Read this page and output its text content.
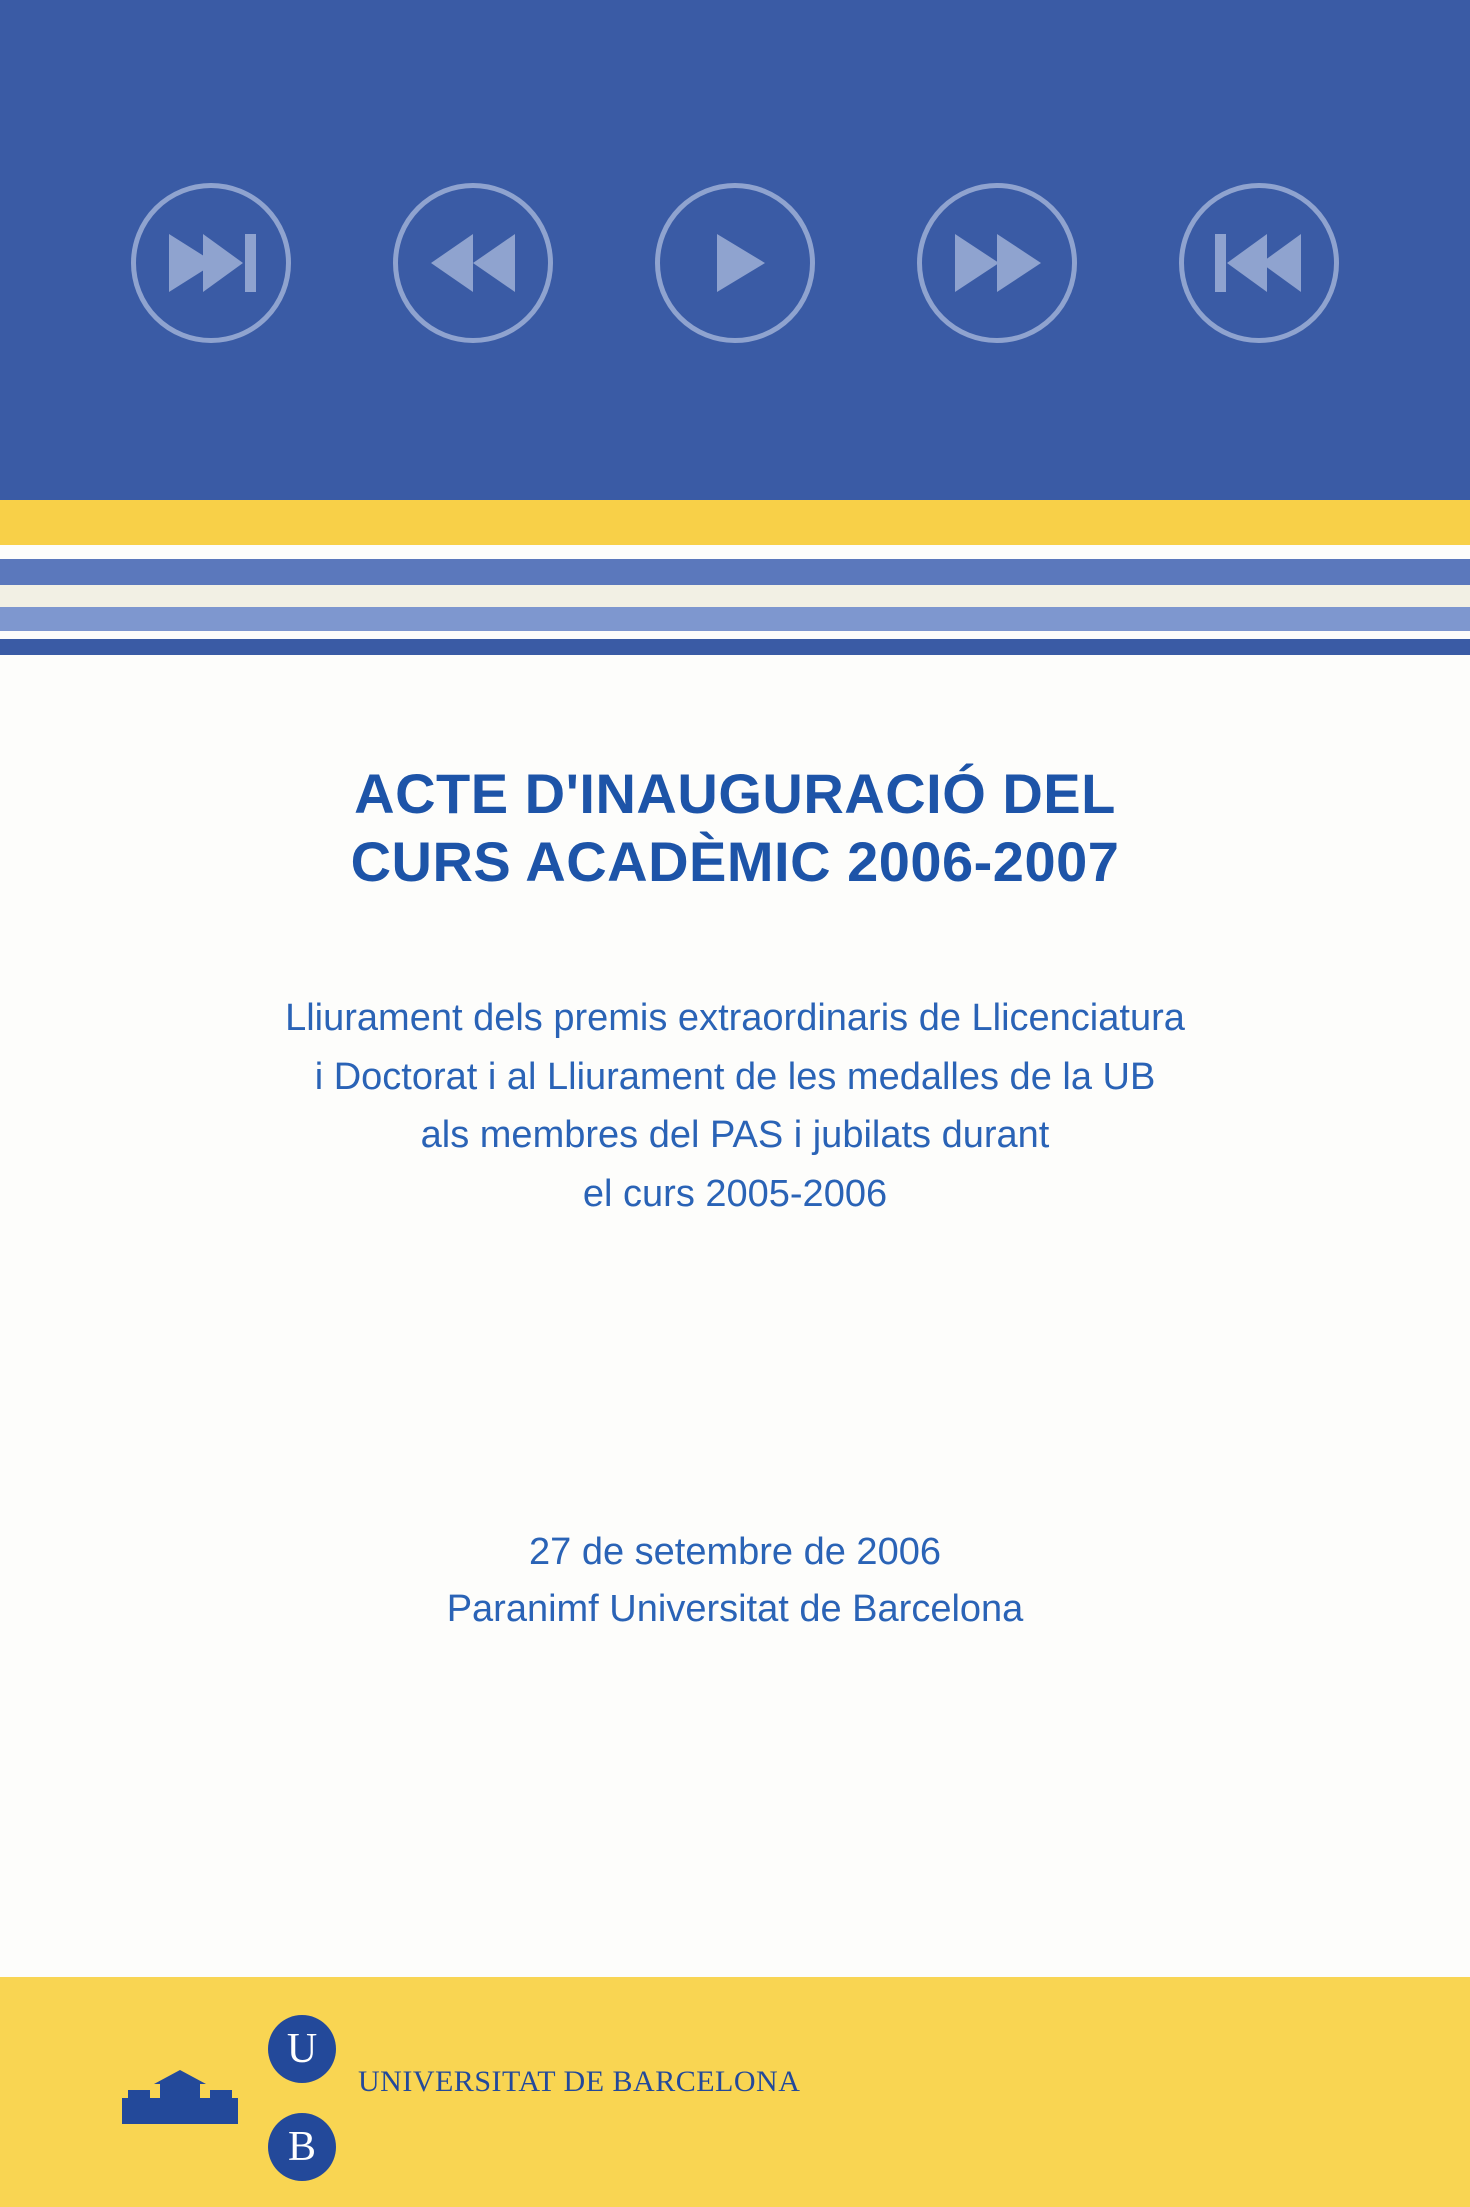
ACTE D'INAUGURACIÓ DEL
CURS ACADÈMIC 2006-2007
Lliurament dels premis extraordinaris de Llicenciatura
i Doctorat i al Lliurament de les medalles de la UB
als membres del PAS i jubilats durant
el curs 2005-2006
27 de setembre de 2006
Paranimf Universitat de Barcelona
U
B
UNIVERSITAT DE BARCELONA
